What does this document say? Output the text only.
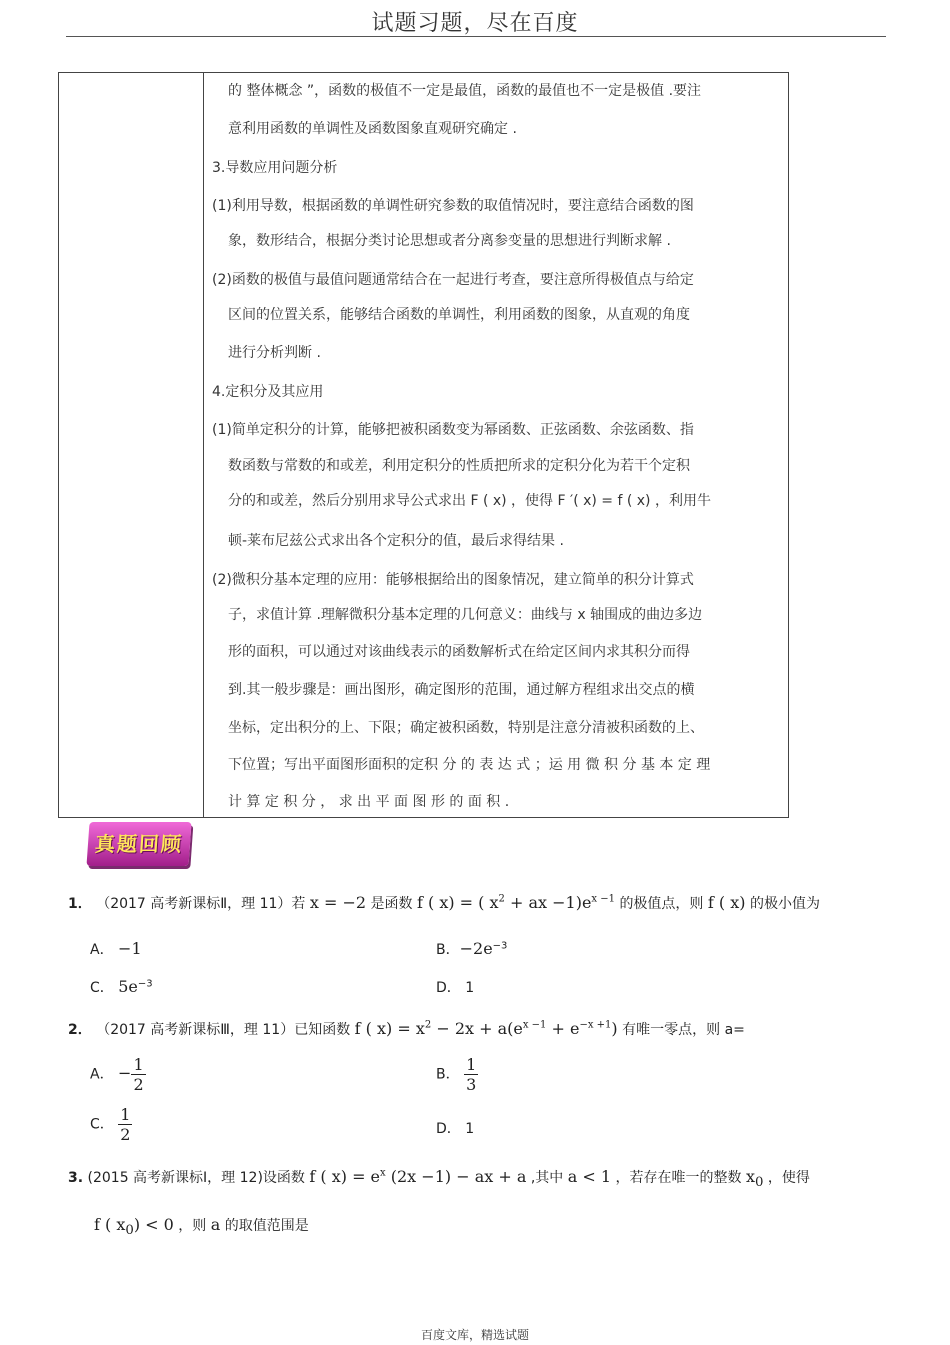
试题习题，尽在百度
的 整体概念 ”，函数的极值不一定是最值，函数的最值也不一定是极值 .要注
意利用函数的单调性及函数图象直观研究确定 .
3.导数应用问题分析
(1)利用导数，根据函数的单调性研究参数的取值情况时，要注意结合函数的图
象，数形结合，根据分类讨论思想或者分离参变量的思想进行判断求解 .
(2)函数的极值与最值问题通常结合在一起进行考查，要注意所得极值点与给定
区间的位置关系，能够结合函数的单调性，利用函数的图象，从直观的角度
进行分析判断 .
4.定积分及其应用
(1)简单定积分的计算，能够把被积函数变为幂函数、正弦函数、余弦函数、指
数函数与常数的和或差，利用定积分的性质把所求的定积分化为若干个定积
分的和或差，然后分别用求导公式求出 F ( x) ，使得 F ′( x) = f ( x) ，利用牛
顿-莱布尼兹公式求出各个定积分的值，最后求得结果 .
(2)微积分基本定理的应用：能够根据给出的图象情况，建立简单的积分计算式
子，求值计算 .理解微积分基本定理的几何意义：曲线与 x 轴围成的曲边多边
形的面积，可以通过对该曲线表示的函数解析式在给定区间内求其积分而得
到.其一般步骤是：画出图形，确定图形的范围，通过解方程组求出交点的横
坐标，定出积分的上、下限；确定被积函数，特别是注意分清被积函数的上、
下位置；写出平面图形面积的定积 分 的 表 达 式 ；运 用 微 积 分 基 本 定 理
计 算 定 积 分 ， 求 出 平 面 图 形 的 面 积 .
真题回顾
1． （2017 高考新课标Ⅱ，理 11）若 x = −2 是函数 f ( x) = ( $x^2$ + ax $-1)e^{x -1}$ 的极值点，则 f ( x) 的极小值为
A． −1	B．$-2e^{-3}$
C． $5e^{-3}$	D． 1
2． （2017 高考新课标Ⅲ，理 11）已知函数 f ( $x) = x^2 - 2x + a(e^{x -1} + e^{-x +1})$ 有唯一零点，则 a=
A． − $\frac{1}{2}$	B． $\frac{1}{3}$
C． $\frac{1}{2}$	D． 1
3. (2015 高考新课标Ⅰ，理 12)设函数 f ( $x) = e^x$ (2x −1) − ax + a ,其中 a < 1 ，若存在唯一的整数 $x_0$ ，使得
f ( $x_0) < 0$ ，则 a 的取值范围是
百度文库，精选试题
